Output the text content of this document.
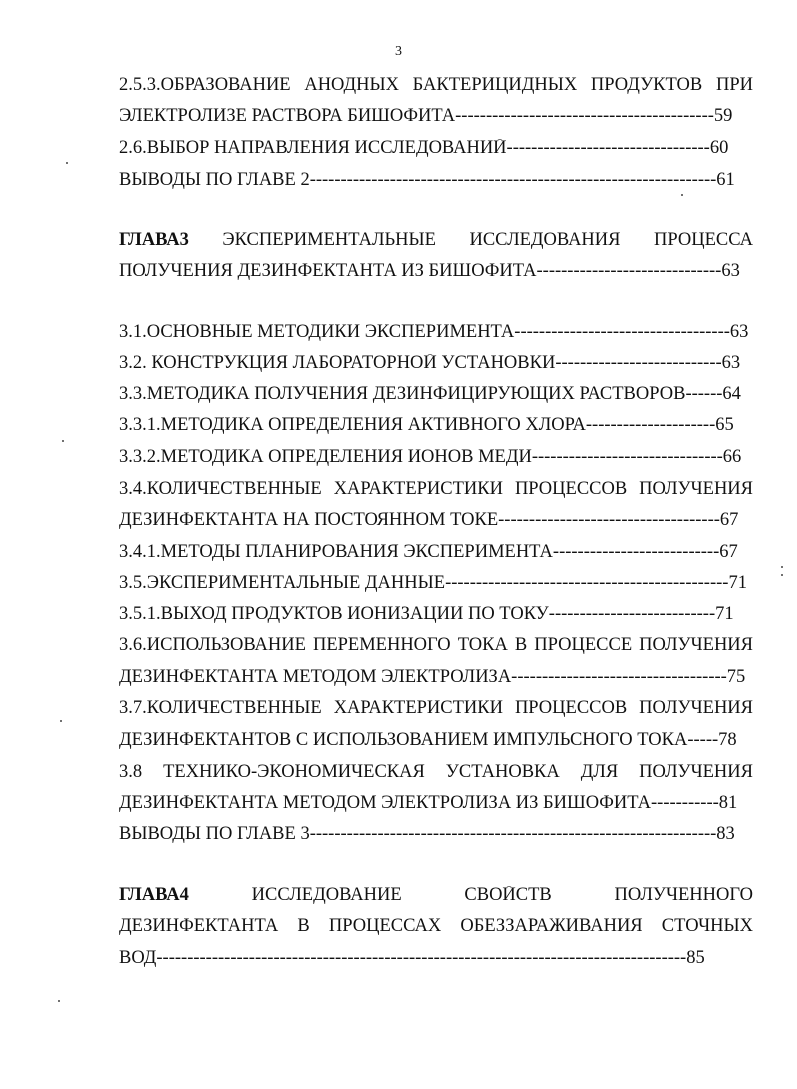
3
2.5.3.ОБРАЗОВАНИЕ АНОДНЫХ БАКТЕРИЦИДНЫХ ПРОДУКТОВ ПРИ
ЭЛЕКТРОЛИЗЕ РАСТВОРА БИШОФИТА------------------------------------------59
2.6.ВЫБОР НАПРАВЛЕНИЯ ИССЛЕДОВАНИЙ---------------------------------60
ВЫВОДЫ ПО ГЛАВЕ 2------------------------------------------------------------------61
ГЛАВА3 ЭКСПЕРИМЕНТАЛЬНЫЕ ИССЛЕДОВАНИЯ ПРОЦЕССА
ПОЛУЧЕНИЯ ДЕЗИНФЕКТАНТА ИЗ БИШОФИТА------------------------------63
3.1.ОСНОВНЫЕ МЕТОДИКИ ЭКСПЕРИМЕНТА-----------------------------------63
3.2. КОНСТРУКЦИЯ ЛАБОРАТОРНОЙ УСТАНОВКИ---------------------------63
3.3.МЕТОДИКА ПОЛУЧЕНИЯ ДЕЗИНФИЦИРУЮЩИХ РАСТВОРОВ------64
3.3.1.МЕТОДИКА ОПРЕДЕЛЕНИЯ АКТИВНОГО ХЛОРА---------------------65
3.3.2.МЕТОДИКА ОПРЕДЕЛЕНИЯ ИОНОВ МЕДИ-------------------------------66
3.4.КОЛИЧЕСТВЕННЫЕ ХАРАКТЕРИСТИКИ ПРОЦЕССОВ ПОЛУЧЕНИЯ
ДЕЗИНФЕКТАНТА НА ПОСТОЯННОМ ТОКЕ------------------------------------67
3.4.1.МЕТОДЫ ПЛАНИРОВАНИЯ ЭКСПЕРИМЕНТА---------------------------67
3.5.ЭКСПЕРИМЕНТАЛЬНЫЕ ДАННЫЕ----------------------------------------------71
3.5.1.ВЫХОД ПРОДУКТОВ ИОНИЗАЦИИ ПО ТОКУ---------------------------71
3.6.ИСПОЛЬЗОВАНИЕ ПЕРЕМЕННОГО ТОКА В ПРОЦЕССЕ ПОЛУЧЕНИЯ
ДЕЗИНФЕКТАНТА МЕТОДОМ ЭЛЕКТРОЛИЗА-----------------------------------75
3.7.КОЛИЧЕСТВЕННЫЕ ХАРАКТЕРИСТИКИ ПРОЦЕССОВ ПОЛУЧЕНИЯ
ДЕЗИНФЕКТАНТОВ С ИСПОЛЬЗОВАНИЕМ ИМПУЛЬСНОГО ТОКА-----78
3.8 ТЕХНИКО-ЭКОНОМИЧЕСКАЯ УСТАНОВКА ДЛЯ ПОЛУЧЕНИЯ
ДЕЗИНФЕКТАНТА МЕТОДОМ ЭЛЕКТРОЛИЗА ИЗ БИШОФИТА-----------81
ВЫВОДЫ ПО ГЛАВЕ 3------------------------------------------------------------------83
ГЛАВА4	ИССЛЕДОВАНИЕ	СВОЙСТВ	ПОЛУЧЕННОГО
ДЕЗИНФЕКТАНТА В ПРОЦЕССАХ ОБЕЗЗАРАЖИВАНИЯ СТОЧНЫХ
ВОД--------------------------------------------------------------------------------------85
